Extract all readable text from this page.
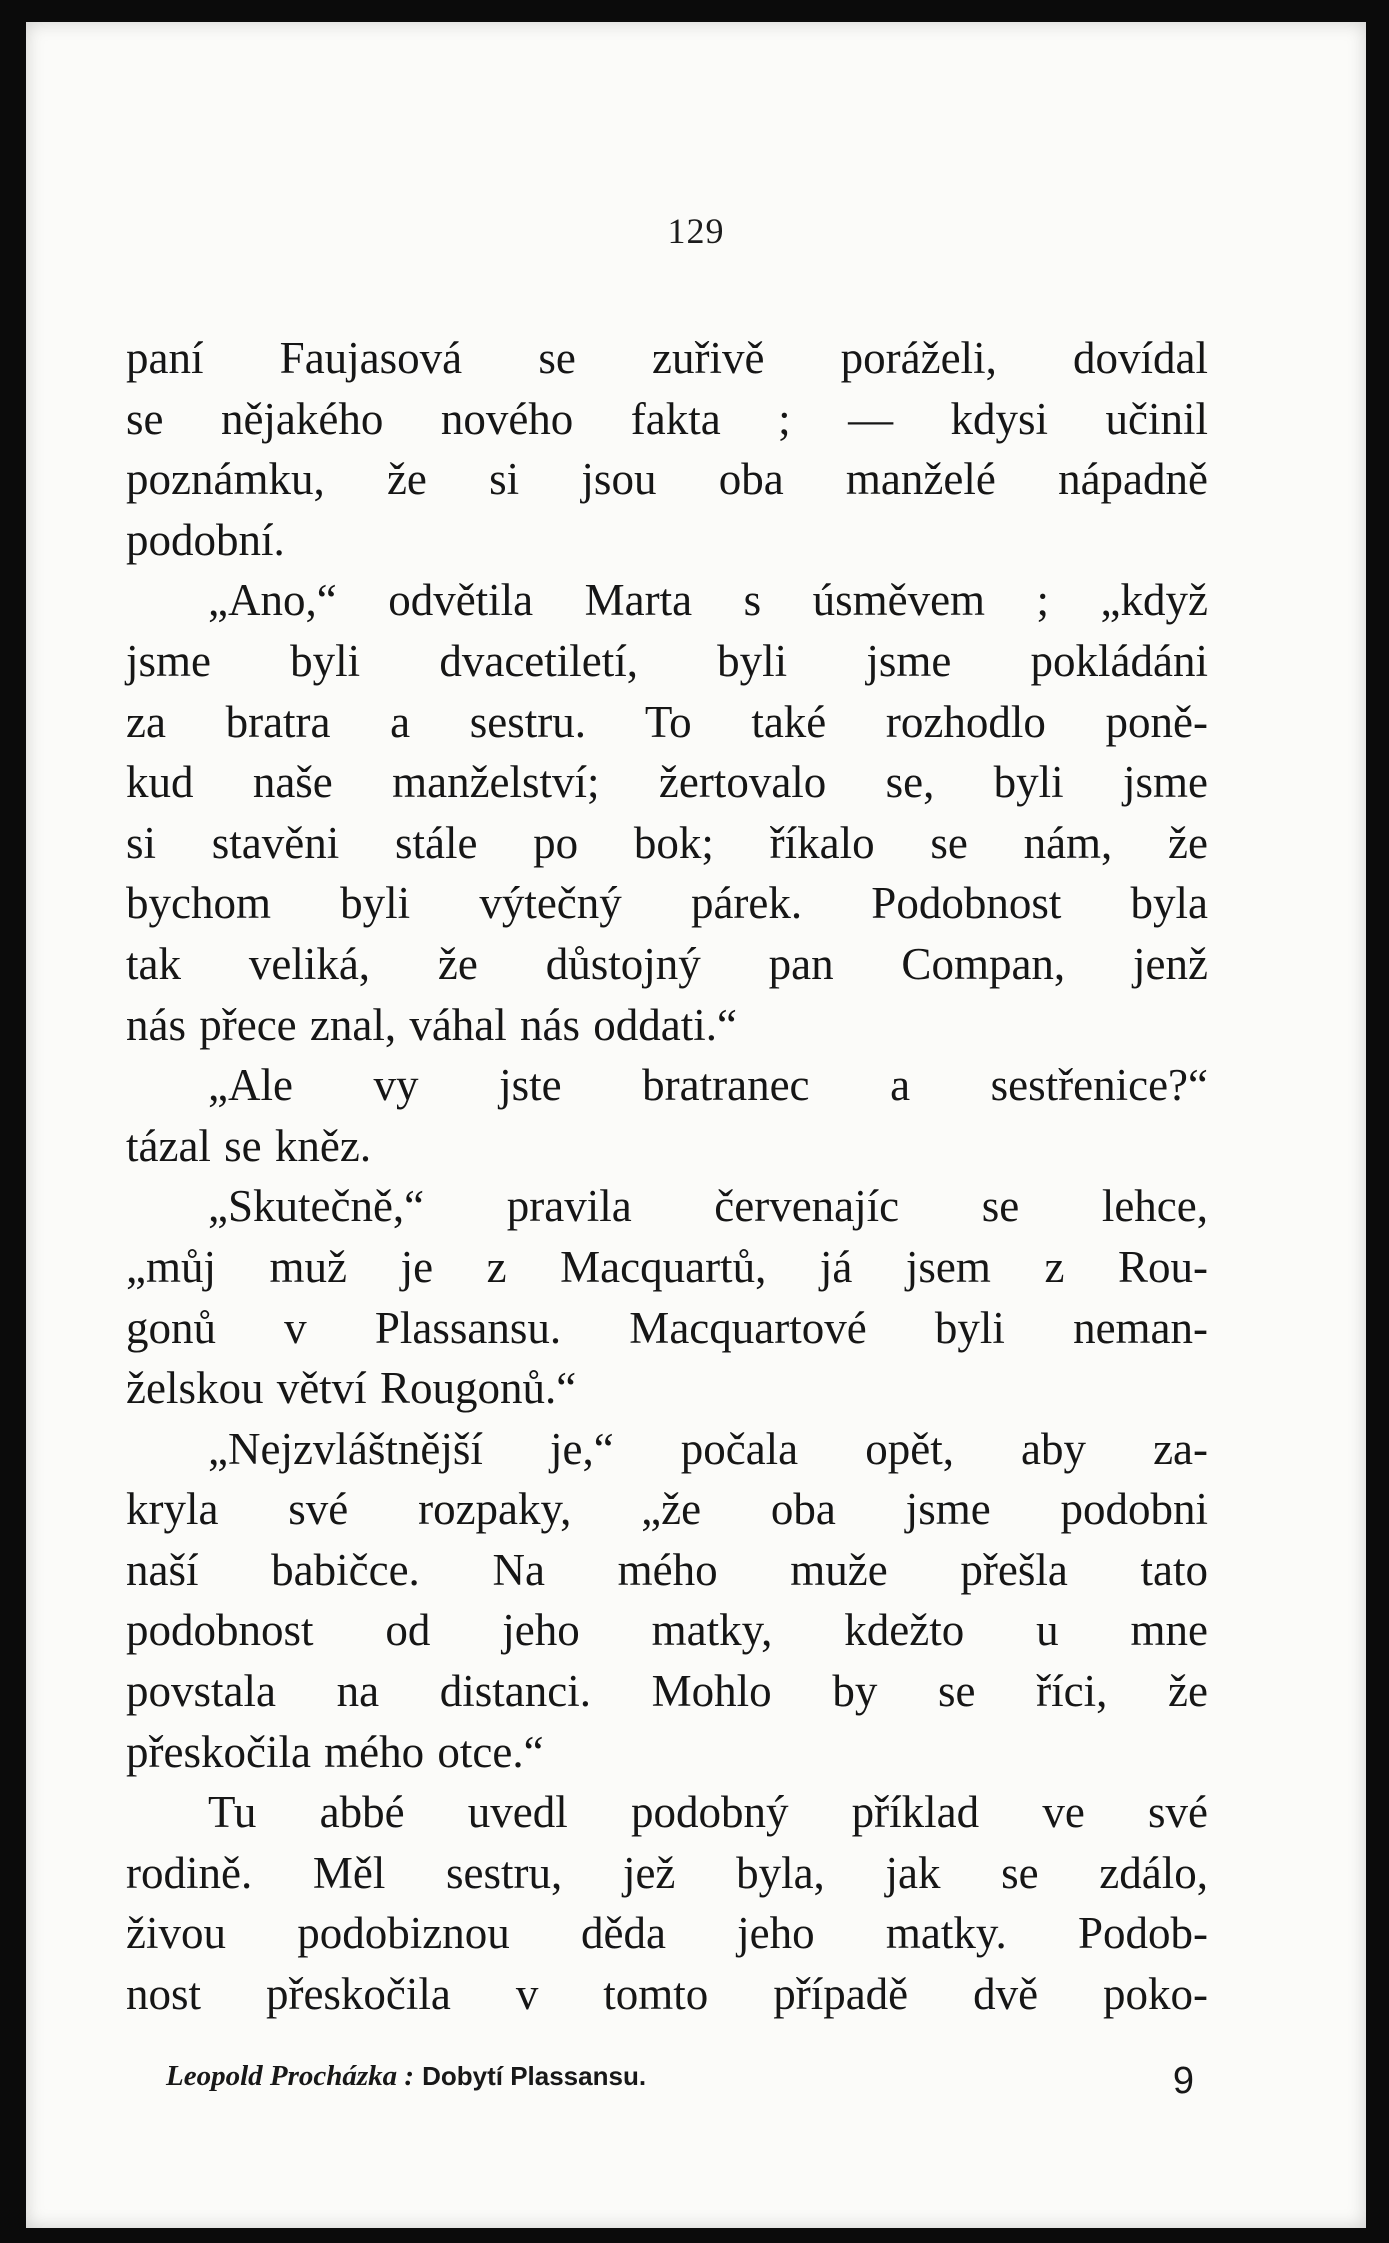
129
paní Faujasová se zuřivě poráželi, dovídal
se nějakého nového fakta ; — kdysi učinil
poznámku, že si jsou oba manželé nápadně
podobní.
„Ano,“ odvětila Marta s úsměvem ; „když
jsme byli dvacetiletí, byli jsme pokládáni
za bratra a sestru. To také rozhodlo poně-
kud naše manželství; žertovalo se, byli jsme
si stavěni stále po bok; říkalo se nám, že
bychom byli výtečný párek. Podobnost byla
tak veliká, že důstojný pan Compan, jenž
nás přece znal, váhal nás oddati.“
„Ale vy jste bratranec a sestřenice?“
tázal se kněz.
„Skutečně,“ pravila červenajíc se lehce,
„můj muž je z Macquartů, já jsem z Rou-
gonů v Plassansu. Macquartové byli neman-
želskou větví Rougonů.“
„Nejzvláštnější je,“ počala opět, aby za-
kryla své rozpaky, „že oba jsme podobni
naší babičce. Na mého muže přešla tato
podobnost od jeho matky, kdežto u mne
povstala na distanci. Mohlo by se říci, že
přeskočila mého otce.“
Tu abbé uvedl podobný příklad ve své
rodině. Měl sestru, jež byla, jak se zdálo,
živou podobiznou děda jeho matky. Podob-
nost přeskočila v tomto případě dvě poko-
Leopold Procházka : Dobytí Plassansu.	9
